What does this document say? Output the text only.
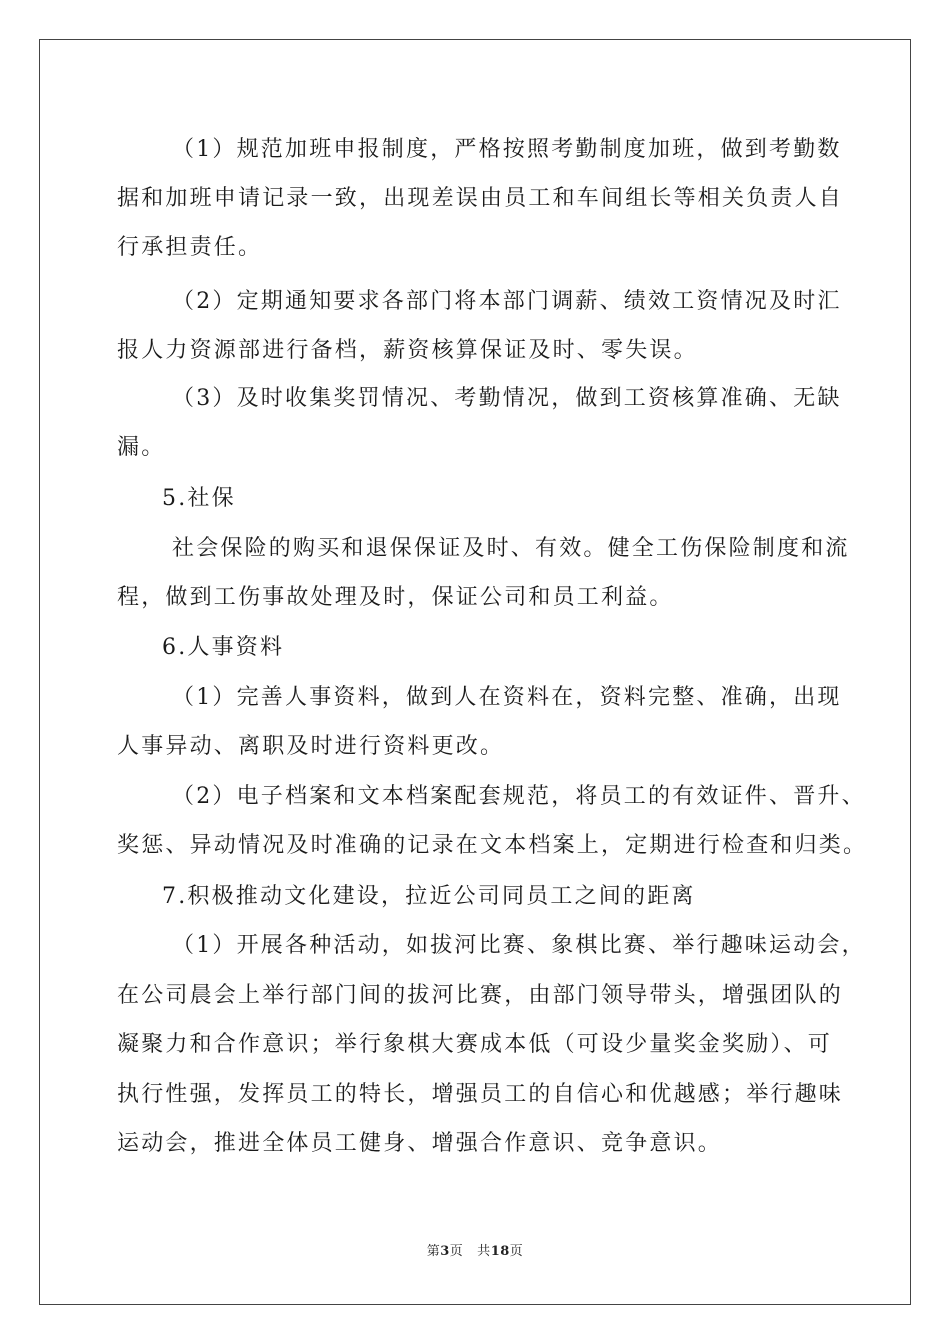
（1）规范加班申报制度，严格按照考勤制度加班，做到考勤数
据和加班申请记录一致，出现差误由员工和车间组长等相关负责人自
行承担责任。
（2）定期通知要求各部门将本部门调薪、绩效工资情况及时汇
报人力资源部进行备档，薪资核算保证及时、零失误。
（3）及时收集奖罚情况、考勤情况，做到工资核算准确、无缺
漏。
5.社保
社会保险的购买和退保保证及时、有效。健全工伤保险制度和流
程，做到工伤事故处理及时，保证公司和员工利益。
6.人事资料
（1）完善人事资料，做到人在资料在，资料完整、准确，出现
人事异动、离职及时进行资料更改。
（2）电子档案和文本档案配套规范，将员工的有效证件、晋升、
奖惩、异动情况及时准确的记录在文本档案上，定期进行检查和归类。
7.积极推动文化建设，拉近公司同员工之间的距离
（1）开展各种活动，如拔河比赛、象棋比赛、举行趣味运动会，
在公司晨会上举行部门间的拔河比赛，由部门领导带头，增强团队的
凝聚力和合作意识；举行象棋大赛成本低（可设少量奖金奖励）、可
执行性强，发挥员工的特长，增强员工的自信心和优越感；举行趣味
运动会，推进全体员工健身、增强合作意识、竞争意识。
第3页 共18页
